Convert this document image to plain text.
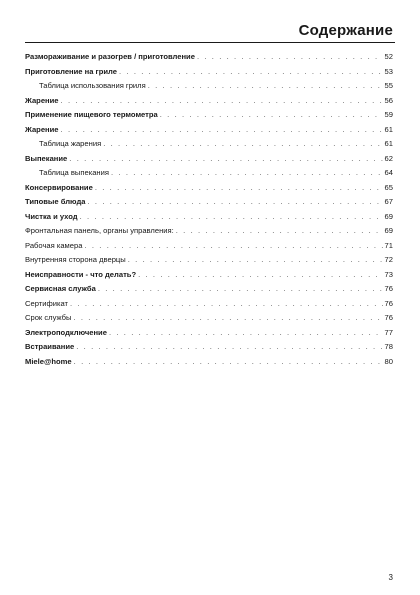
Содержание
Размораживание и разогрев / приготовление . . .	52
Приготовление на гриле . . .	53
Таблица использования гриля . . .	55
Жарение . . .	56
Применение пищевого термометра . . .	59
Жарение . . .	61
Таблица жарения . . .	61
Выпекание . . .	62
Таблица выпекания . . .	64
Консервирование . . .	65
Типовые блюда . . .	67
Чистка и уход . . .	69
Фронтальная панель, органы управления: . . .	69
Рабочая камера . . .	71
Внутренняя сторона дверцы . . .	72
Неисправности - что делать? . . .	73
Сервисная служба . . .	76
Сертификат . . .	76
Срок службы . . .	76
Электроподключение . . .	77
Встраивание . . .	78
Miele@home . . .	80
3
